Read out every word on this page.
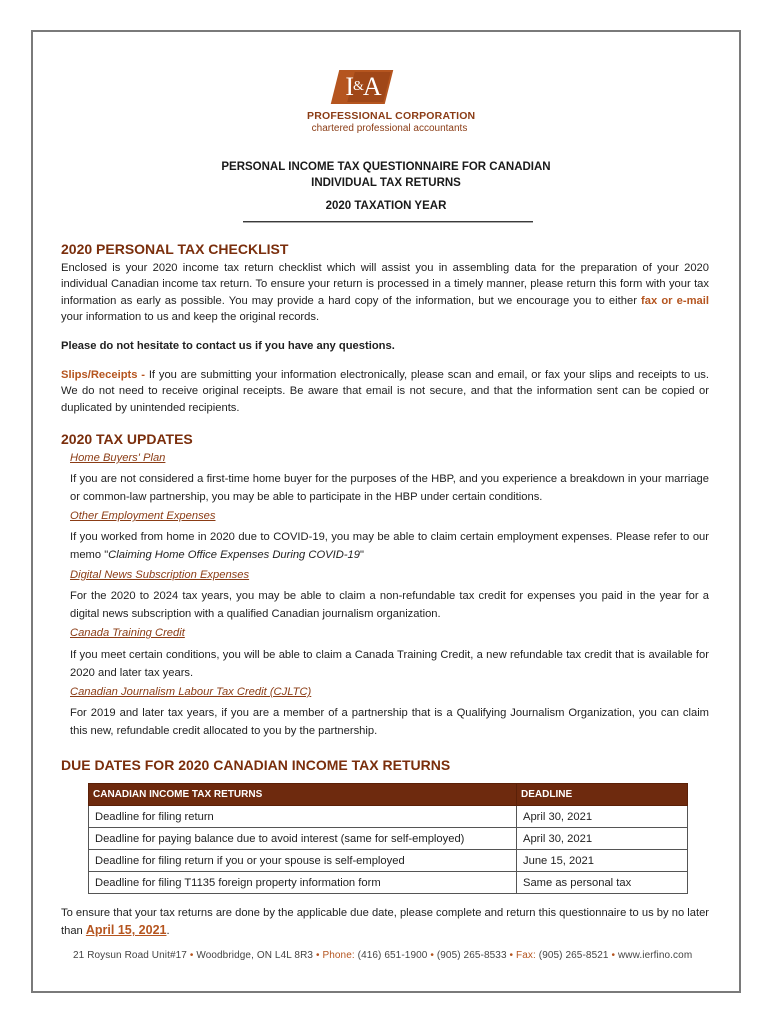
I&A
PROFESSIONAL CORPORATION
chartered professional accountants
PERSONAL INCOME TAX QUESTIONNAIRE FOR CANADIAN
INDIVIDUAL TAX RETURNS
2020 TAXATION YEAR
2020 PERSONAL TAX CHECKLIST
Enclosed is your 2020 income tax return checklist which will assist you in assembling data for the preparation of your 2020 individual Canadian income tax return. To ensure your return is processed in a timely manner, please return this form with your tax information as early as possible. You may provide a hard copy of the information, but we encourage you to either fax or e-mail your information to us and keep the original records.
Please do not hesitate to contact us if you have any questions.
Slips/Receipts - If you are submitting your information electronically, please scan and email, or fax your slips and receipts to us. We do not need to receive original receipts. Be aware that email is not secure, and that the information sent can be copied or duplicated by unintended recipients.
2020 TAX UPDATES
Home Buyers' Plan
If you are not considered a first-time home buyer for the purposes of the HBP, and you experience a breakdown in your marriage or common-law partnership, you may be able to participate in the HBP under certain conditions.
Other Employment Expenses
If you worked from home in 2020 due to COVID-19, you may be able to claim certain employment expenses. Please refer to our memo "Claiming Home Office Expenses During COVID-19"
Digital News Subscription Expenses
For the 2020 to 2024 tax years, you may be able to claim a non-refundable tax credit for expenses you paid in the year for a digital news subscription with a qualified Canadian journalism organization.
Canada Training Credit
If you meet certain conditions, you will be able to claim a Canada Training Credit, a new refundable tax credit that is available for 2020 and later tax years.
Canadian Journalism Labour Tax Credit (CJLTC)
For 2019 and later tax years, if you are a member of a partnership that is a Qualifying Journalism Organization, you can claim this new, refundable credit allocated to you by the partnership.
DUE DATES FOR 2020 CANADIAN INCOME TAX RETURNS
CANADIAN INCOME TAX RETURNS	DEADLINE
Deadline for filing return	April 30, 2021
Deadline for paying balance due to avoid interest (same for self-employed)	April 30, 2021
Deadline for filing return if you or your spouse is self-employed	June 15, 2021
Deadline for filing T1135 foreign property information form	Same as personal tax
To ensure that your tax returns are done by the applicable due date, please complete and return this questionnaire to us by no later than April 15, 2021.
21 Roysun Road Unit#17 • Woodbridge, ON L4L 8R3 • Phone: (416) 651-1900 • (905) 265-8533 • Fax: (905) 265-8521 • www.ierfino.com
